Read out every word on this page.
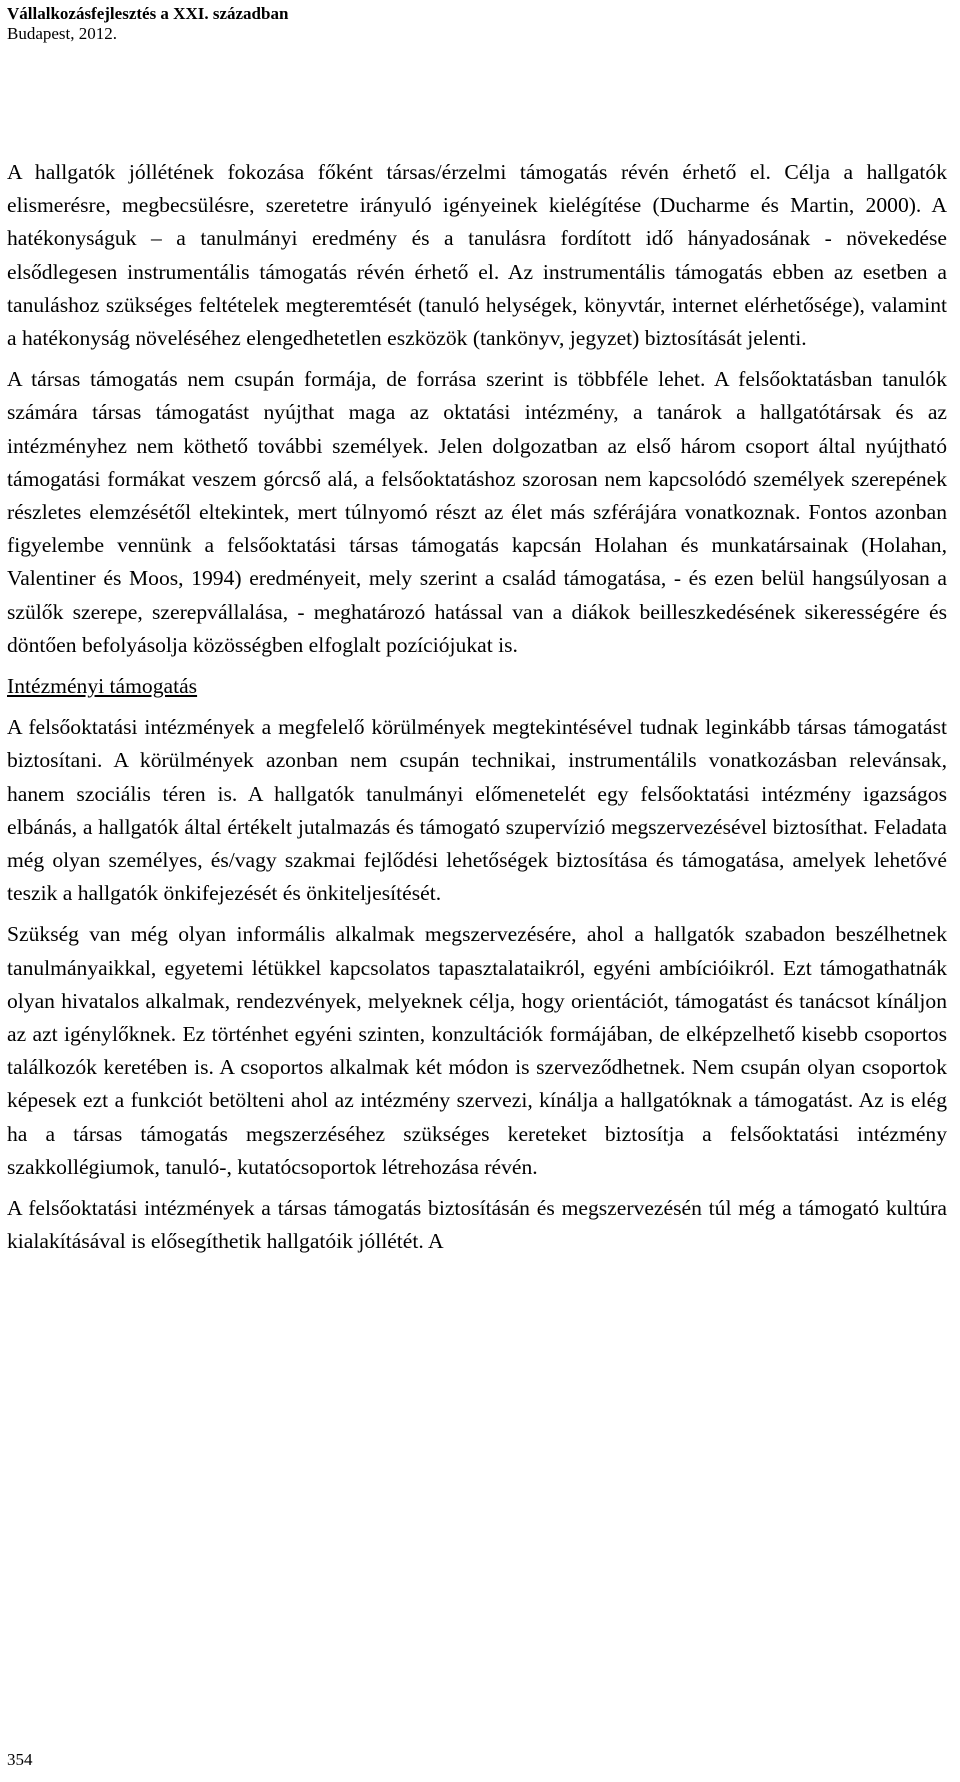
Vállalkozásfejlesztés a XXI. században
Budapest, 2012.

A hallgatók jóllétének fokozása főként társas/érzelmi támogatás révén érhető el. Célja a hallgatók elismerésre, megbecsülésre, szeretetre irányuló igényeinek kielégítése (Ducharme és Martin, 2000). A hatékonyságuk – a tanulmányi eredmény és a tanulásra fordított idő hányadosának - növekedése elsődlegesen instrumentális támogatás révén érhető el. Az instrumentális támogatás ebben az esetben a tanuláshoz szükséges feltételek megteremtését (tanuló helységek, könyvtár, internet elérhetősége), valamint a hatékonyság növeléséhez elengedhetetlen eszközök (tankönyv, jegyzet) biztosítását jelenti.

A társas támogatás nem csupán formája, de forrása szerint is többféle lehet. A felsőoktatásban tanulók számára társas támogatást nyújthat maga az oktatási intézmény, a tanárok a hallgatótársak és az intézményhez nem köthető további személyek. Jelen dolgozatban az első három csoport által nyújtható támogatási formákat veszem górcső alá, a felsőoktatáshoz szorosan nem kapcsolódó személyek szerepének részletes elemzésétől eltekintek, mert túlnyomó részt az élet más szférájára vonatkoznak. Fontos azonban figyelembe vennünk a felsőoktatási társas támogatás kapcsán Holahan és munkatársainak (Holahan, Valentiner és Moos, 1994) eredményeit, mely szerint a család támogatása, - és ezen belül hangsúlyosan a szülők szerepe, szerepvállalása, - meghatározó hatással van a diákok beilleszkedésének sikerességére és döntően befolyásolja közösségben elfoglalt pozíciójukat is.

Intézményi támogatás

A felsőoktatási intézmények a megfelelő körülmények megtekintésével tudnak leginkább társas támogatást biztosítani. A körülmények azonban nem csupán technikai, instrumentálils vonatkozásban relevánsak, hanem szociális téren is. A hallgatók tanulmányi előmenetelét egy felsőoktatási intézmény igazságos elbánás, a hallgatók által értékelt jutalmazás és támogató szupervízió megszervezésével biztosíthat. Feladata még olyan személyes, és/vagy szakmai fejlődési lehetőségek biztosítása és támogatása, amelyek lehetővé teszik a hallgatók önkifejezését és önkiteljesítését.

Szükség van még olyan informális alkalmak megszervezésére, ahol a hallgatók szabadon beszélhetnek tanulmányaikkal, egyetemi létükkel kapcsolatos tapasztalataikról, egyéni ambícióikról. Ezt támogathatnák olyan hivatalos alkalmak, rendezvények, melyeknek célja, hogy orientációt, támogatást és tanácsot kínáljon az azt igénylőknek. Ez történhet egyéni szinten, konzultációk formájában, de elképzelhető kisebb csoportos találkozók keretében is. A csoportos alkalmak két módon is szerveződhetnek. Nem csupán olyan csoportok képesek ezt a funkciót betölteni ahol az intézmény szervezi, kínálja a hallgatóknak a támogatást. Az is elég ha a társas támogatás megszerzéséhez szükséges kereteket biztosítja a felsőoktatási intézmény szakkollégiumok, tanuló-, kutatócsoportok létrehozása révén.

A felsőoktatási intézmények a társas támogatás biztosításán és megszervezésén túl még a támogató kultúra kialakításával is elősegíthetik hallgatóik jóllétét. A

354
